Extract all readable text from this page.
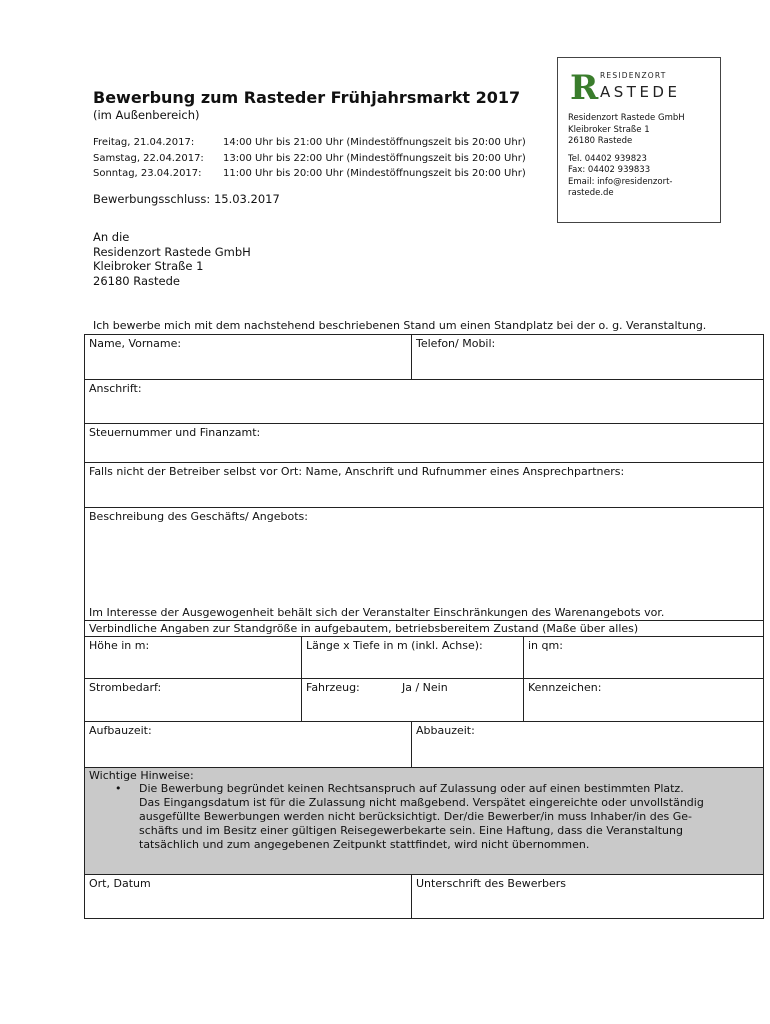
Bewerbung zum Rasteder Frühjahrsmarkt 2017
(im Außenbereich)
Freitag, 21.04.2017:	14:00 Uhr bis 21:00 Uhr (Mindestöffnungszeit bis 20:00 Uhr)
Samstag, 22.04.2017:	13:00 Uhr bis 22:00 Uhr (Mindestöffnungszeit bis 20:00 Uhr)
Sonntag, 23.04.2017:	11:00 Uhr bis 20:00 Uhr (Mindestöffnungszeit bis 20:00 Uhr)
Bewerbungsschluss: 15.03.2017
An die
Residenzort Rastede GmbH
Kleibroker Straße 1
26180 Rastede
R RESIDENZORT
ASTEDE
Residenzort Rastede GmbH
Kleibroker Straße 1
26180 Rastede
Tel. 04402 939823
Fax: 04402 939833
Email: info@residenzort-
rastede.de
Ich bewerbe mich mit dem nachstehend beschriebenen Stand um einen Standplatz bei der o. g. Veranstaltung.
Name, Vorname:	Telefon/ Mobil:
Anschrift:
Steuernummer und Finanzamt:
Falls nicht der Betreiber selbst vor Ort: Name, Anschrift und Rufnummer eines Ansprechpartners:
Beschreibung des Geschäfts/ Angebots:
Im Interesse der Ausgewogenheit behält sich der Veranstalter Einschränkungen des Warenangebots vor.
Verbindliche Angaben zur Standgröße in aufgebautem, betriebsbereitem Zustand (Maße über alles)
Höhe in m:	Länge x Tiefe in m (inkl. Achse):	in qm:
Strombedarf:	Fahrzeug:	Ja / Nein	Kennzeichen:
Aufbauzeit:	Abbauzeit:
Wichtige Hinweise:
•	Die Bewerbung begründet keinen Rechtsanspruch auf Zulassung oder auf einen bestimmten Platz.
Das Eingangsdatum ist für die Zulassung nicht maßgebend. Verspätet eingereichte oder unvollständig
ausgefüllte Bewerbungen werden nicht berücksichtigt. Der/die Bewerber/in muss Inhaber/in des Ge-
schäfts und im Besitz einer gültigen Reisegewerbekarte sein. Eine Haftung, dass die Veranstaltung
tatsächlich und zum angegebenen Zeitpunkt stattfindet, wird nicht übernommen.
Ort, Datum	Unterschrift des Bewerbers
